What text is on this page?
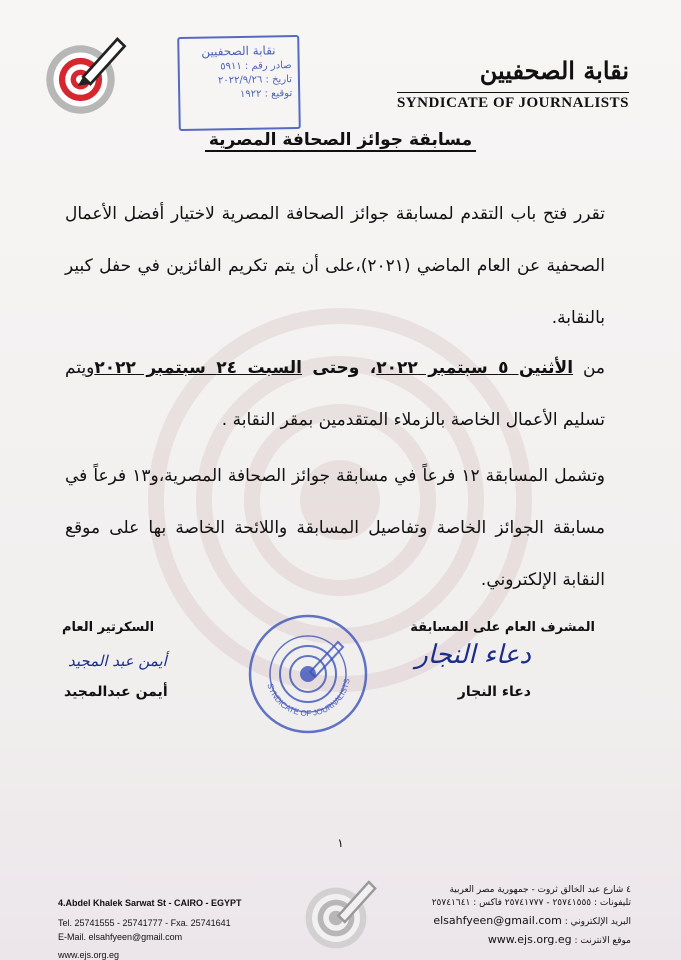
نقابة الصحفيين
صادر رقم : ٥٩١١
تاريخ : ٢٠٢٢/٩/٢٦
توقيع : ١٩٢٢
نقابة الصحفيين
SYNDICATE OF JOURNALISTS
مسابقة جوائز الصحافة المصرية
تقرر فتح باب التقدم لمسابقة جوائز الصحافة المصرية لاختيار أفضل الأعمال الصحفية عن العام الماضي (٢٠٢١)،على أن يتم تكريم الفائزين في حفل كبير بالنقابة.
من الأثنين ٥ سبتمبر ٢٠٢٢، وحتى السبت ٢٤ سبتمبر ٢٠٢٢ويتم تسليم الأعمال الخاصة بالزملاء المتقدمين بمقر النقابة .
وتشمل المسابقة ١٢ فرعاً في مسابقة جوائز الصحافة المصرية،و١٣ فرعاً في مسابقة الجوائز الخاصة وتفاصيل المسابقة واللائحة الخاصة بها على موقع النقابة الإلكتروني.
المشرف العام على المسابقة
دعاء النجار
دعاء النجار
السكرتير العام
أيمن عبد المجيد
أيمن عبدالمجيد	SYNDICATE OF JOURNALISTS
١
4.Abdel Khalek Sarwat St - CAIRO - EGYPT
Tel. 25741555 - 25741777 - Fxa. 25741641
E-Mail. elsahfyeen@gmail.com
www.ejs.org.eg
٤ شارع عبد الخالق ثروت - جمهورية مصر العربية
تليفونات : ٢٥٧٤١٥٥٥ - ٢٥٧٤١٧٧٧ فاكس : ٢٥٧٤١٦٤١
البريد الإلكتروني : elsahfyeen@gmail.com
موقع الانترنت : www.ejs.org.eg
